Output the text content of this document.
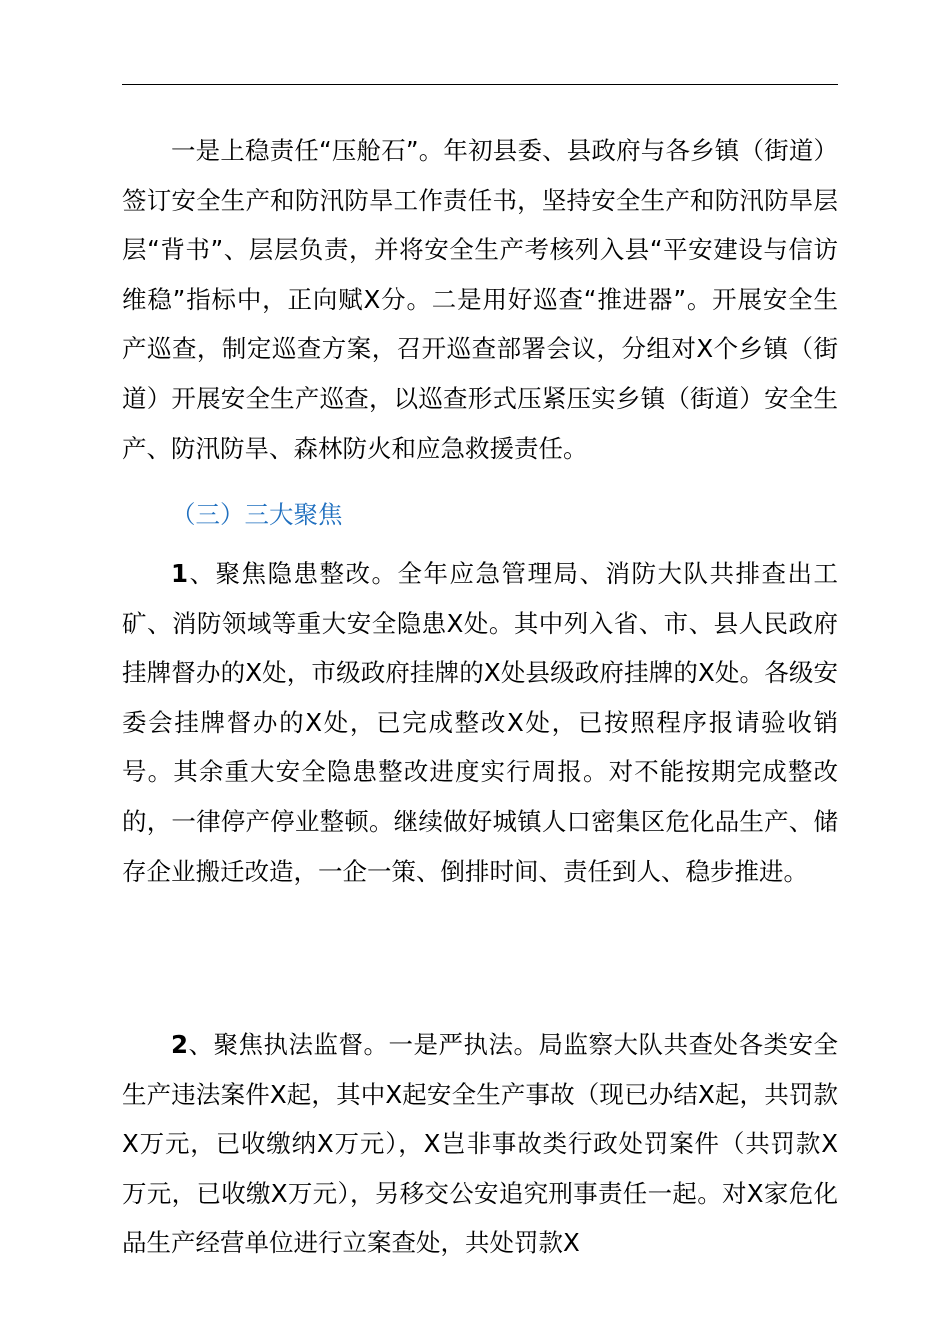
一是上稳责任“压舱石”。年初县委、县政府与各乡镇（街道）签订安全生产和防汛防旱工作责任书，坚持安全生产和防汛防旱层层“背书”、层层负责，并将安全生产考核列入县“平安建设与信访维稳”指标中，正向赋X分。二是用好巡查“推进器”。开展安全生产巡查，制定巡查方案，召开巡查部署会议，分组对X个乡镇（街道）开展安全生产巡查，以巡查形式压紧压实乡镇（街道）安全生产、防汛防旱、森林防火和应急救援责任。

（三）三大聚焦

1、聚焦隐患整改。全年应急管理局、消防大队共排查出工矿、消防领域等重大安全隐患X处。其中列入省、市、县人民政府挂牌督办的X处，市级政府挂牌的X处县级政府挂牌的X处。各级安委会挂牌督办的X处，已完成整改X处，已按照程序报请验收销号。其余重大安全隐患整改进度实行周报。对不能按期完成整改的，一律停产停业整顿。继续做好城镇人口密集区危化品生产、储存企业搬迁改造，一企一策、倒排时间、责任到人、稳步推进。

2、聚焦执法监督。一是严执法。局监察大队共查处各类安全生产违法案件X起，其中X起安全生产事故（现已办结X起，共罚款X万元，已收缴纳X万元），X岂非事故类行政处罚案件（共罚款X万元，已收缴X万元），另移交公安追究刑事责任一起。对X家危化品生产经营单位进行立案查处，共处罚款X
